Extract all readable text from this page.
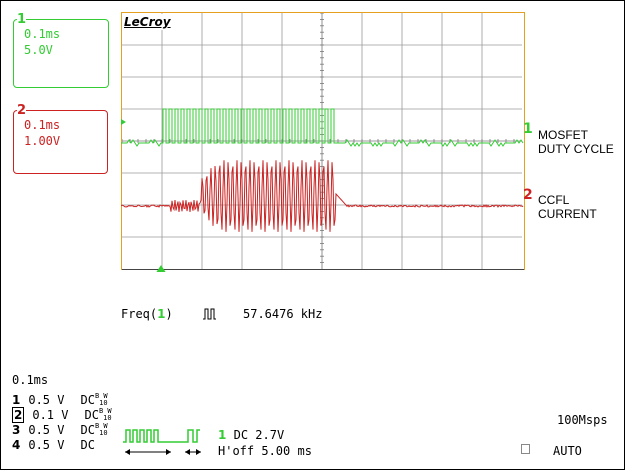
1
0.1ms
5.0V
2
0.1ms
1.00V
LeCroy
1 MOSFET
DUTY CYCLE
2 CCFL
CURRENT
Freq(1)	57.6476 kHz
0.1ms
1 0.5 V DCB W
 10
2 0.1 V DCB W
 10
3 0.5 V DCB W
 10
4 0.5 V DC
1 DC 2.7V
H'off 5.00 ms
100Msps
AUTO
